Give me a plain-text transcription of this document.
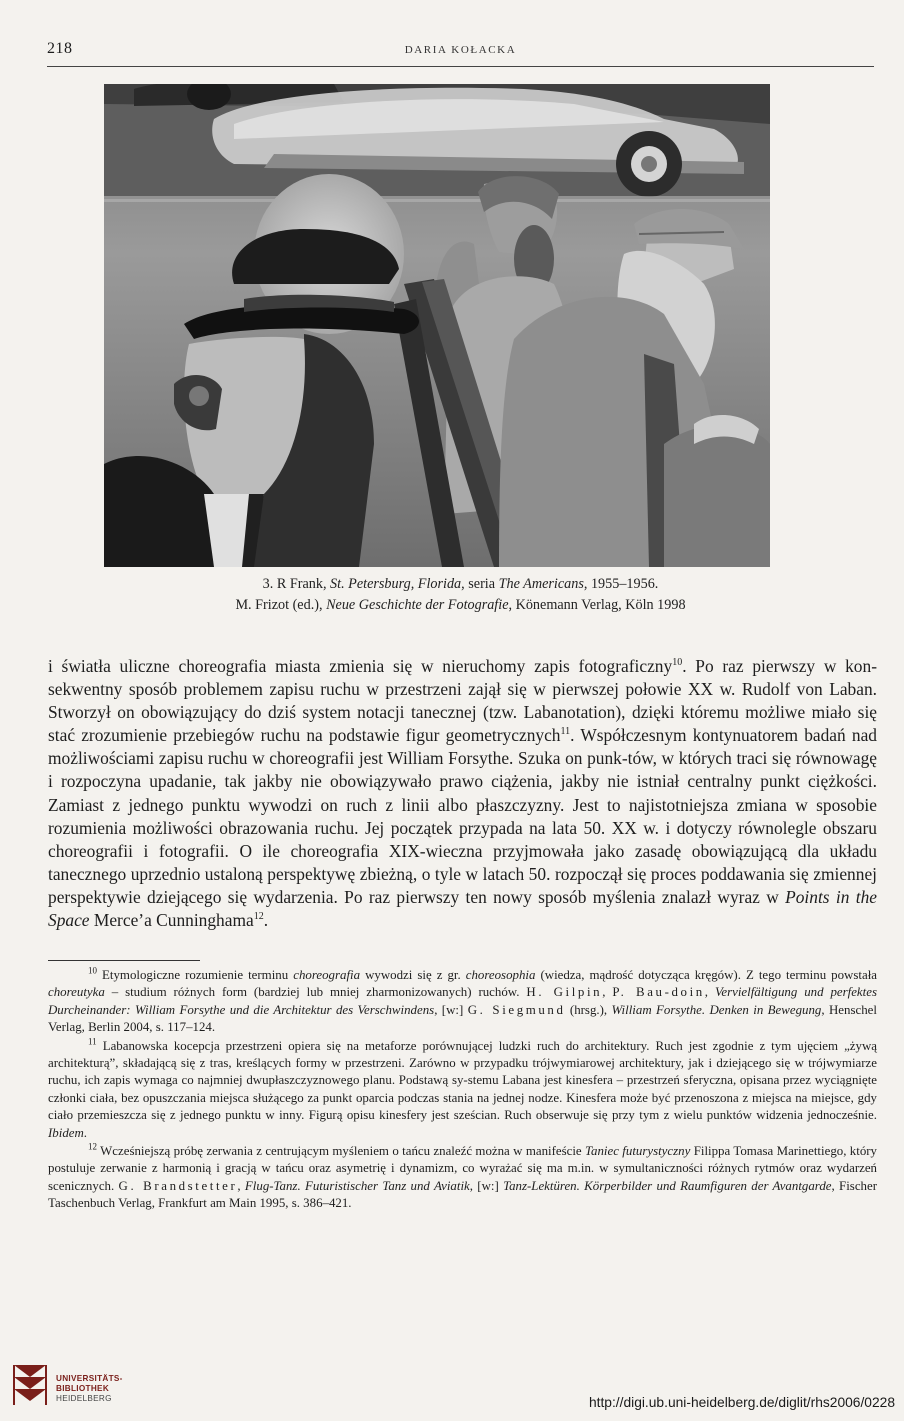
218	DARIA KOŁACKA
3. R Frank, St. Petersburg, Florida, seria The Americans, 1955–1956.
M. Frizot (ed.), Neue Geschichte der Fotografie, Könemann Verlag, Köln 1998

i światła uliczne choreografia miasta zmienia się w nieruchomy zapis fotograficzny$^{10}$. Po raz pierwszy w kon-sekwentny sposób problemem zapisu ruchu w przestrzeni zajął się w pierwszej połowie XX w. Rudolf von Laban. Stworzył on obowiązujący do dziś system notacji tanecznej (tzw. Labanotation), dzięki któremu możliwe miało się stać zrozumienie przebiegów ruchu na podstawie figur geometrycznych$^{11}$. Współczesnym kontynuatorem badań nad możliwościami zapisu ruchu w choreografii jest William Forsythe. Szuka on punk-tów, w których traci się równowagę i rozpoczyna upadanie, tak jakby nie obowiązywało prawo ciążenia, jakby nie istniał centralny punkt ciężkości. Zamiast z jednego punktu wywodzi on ruch z linii albo płaszczyzny. Jest to najistotniejsza zmiana w sposobie rozumienia możliwości obrazowania ruchu. Jej początek przypada na lata 50. XX w. i dotyczy równolegle obszaru choreografii i fotografii. O ile choreografia XIX-wieczna przyjmowała jako zasadę obowiązującą dla układu tanecznego uprzednio ustaloną perspektywę zbieżną, o tyle w latach 50. rozpoczął się proces poddawania się zmiennej perspektywie dziejącego się wydarzenia. Po raz pierwszy ten nowy sposób myślenia znalazł wyraz w Points in the Space Merce’a Cunninghama$^{12}$.

$^{10}$ Etymologiczne rozumienie terminu choreografia wywodzi się z gr. choreosophia (wiedza, mądrość dotycząca kręgów). Z tego terminu powstała choreutyka – studium różnych form (bardziej lub mniej zharmonizowanych) ruchów. H. Gilpin, P. Bau-doin, Vervielfältigung und perfektes Durcheinander: William Forsythe und die Architektur des Verschwindens, [w:] G. Siegmund (hrsg.), William Forsythe. Denken in Bewegung, Henschel Verlag, Berlin 2004, s. 117–124.

$^{11}$ Labanowska kocepcja przestrzeni opiera się na metaforze porównującej ludzki ruch do architektury. Ruch jest zgodnie z tym ujęciem „żywą architekturą”, składającą się z tras, kreślących formy w przestrzeni. Zarówno w przypadku trójwymiarowej architektury, jak i dziejącego się w trójwymiarze ruchu, ich zapis wymaga co najmniej dwupłaszczyznowego planu. Podstawą sy-stemu Labana jest kinesfera – przestrzeń sferyczna, opisana przez wyciągnięte członki ciała, bez opuszczania miejsca służącego za punkt oparcia podczas stania na jednej nodze. Kinesfera może być przenoszona z miejsca na miejsce, gdy ciało przemieszcza się z jednego punktu w inny. Figurą opisu kinesfery jest sześcian. Ruch obserwuje się przy tym z wielu punktów widzenia jednocześnie. Ibidem.

$^{12}$ Wcześniejszą próbę zerwania z centrującym myśleniem o tańcu znaleźć można w manifeście Taniec futurystyczny Filippa Tomasa Marinettiego, który postuluje zerwanie z harmonią i gracją w tańcu oraz asymetrię i dynamizm, co wyrażać się ma m.in. w symultaniczności różnych rytmów oraz wydarzeń scenicznych. G. Brandstetter, Flug-Tanz. Futuristischer Tanz und Aviatik, [w:] Tanz-Lektüren. Körperbilder und Raumfiguren der Avantgarde, Fischer Taschenbuch Verlag, Frankfurt am Main 1995, s. 386–421.

UNIVERSITÄTS-
BIBLIOTHEK
HEIDELBERG	http://digi.ub.uni-heidelberg.de/diglit/rhs2006/0228
